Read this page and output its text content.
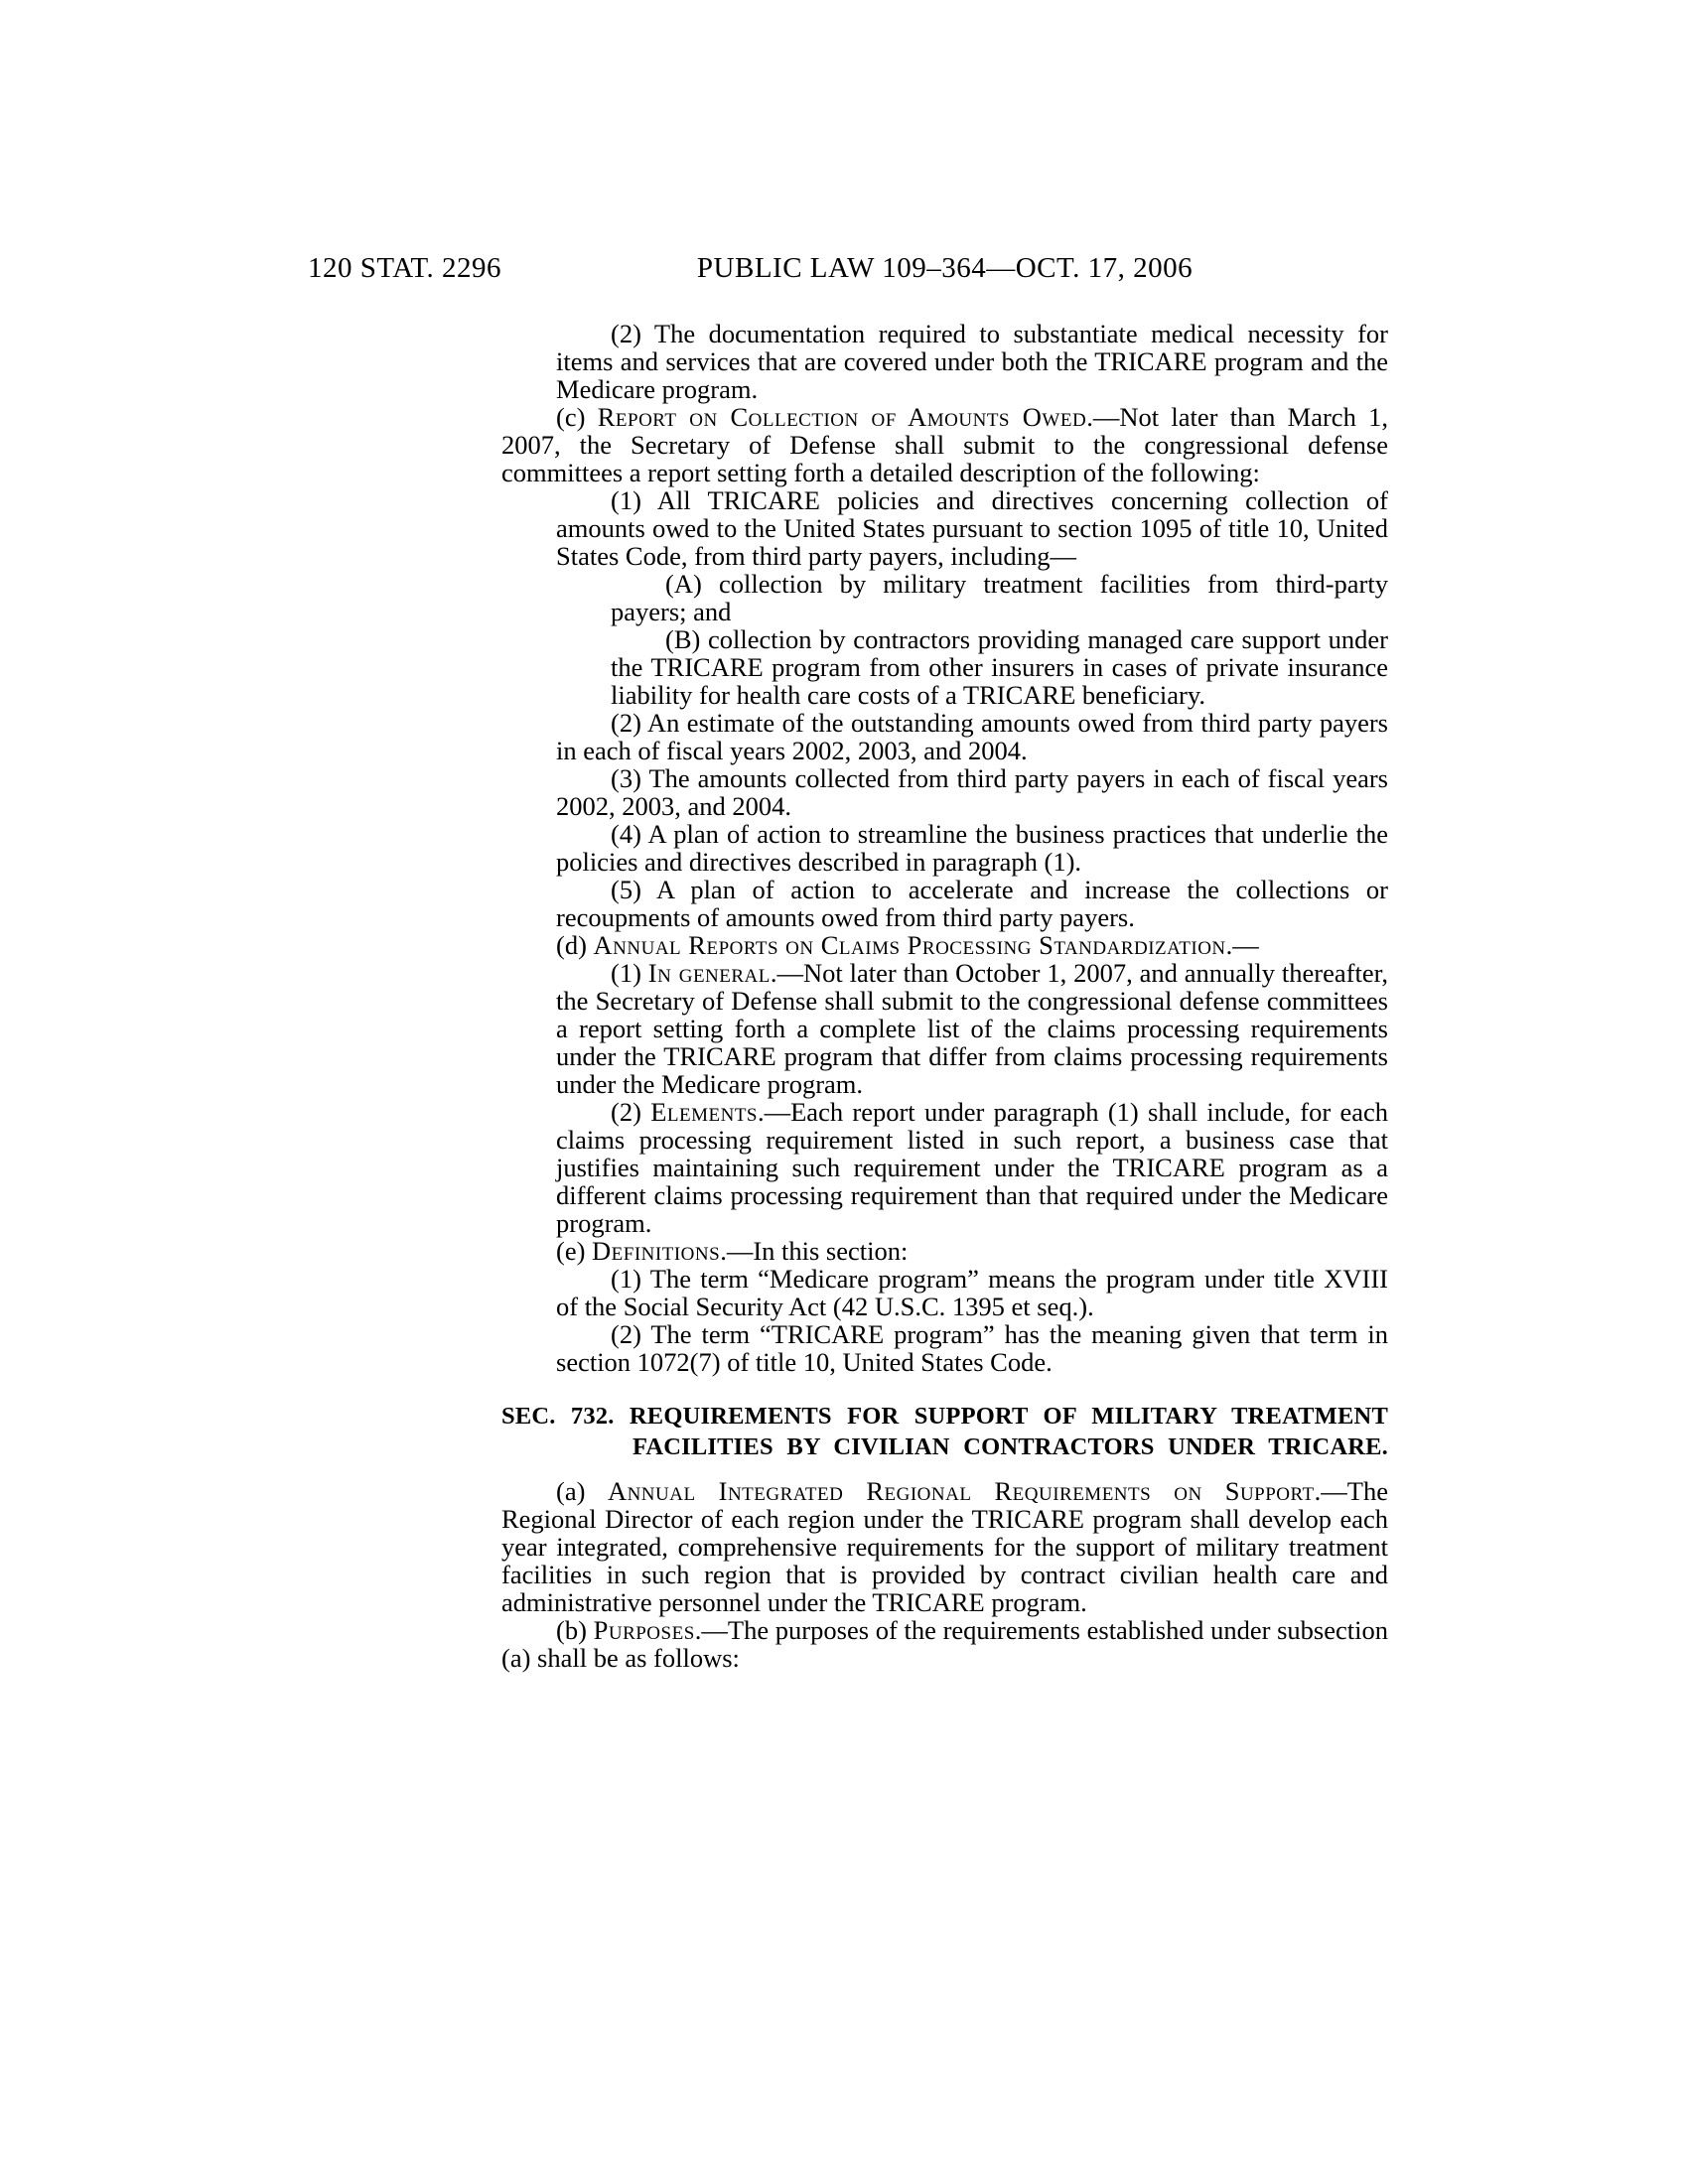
120 STAT. 2296	PUBLIC LAW 109–364—OCT. 17, 2006

(2) The documentation required to substantiate medical necessity for items and services that are covered under both the TRICARE program and the Medicare program.

(c) Report on Collection of Amounts Owed.—Not later than March 1, 2007, the Secretary of Defense shall submit to the congressional defense committees a report setting forth a detailed description of the following:

(1) All TRICARE policies and directives concerning collection of amounts owed to the United States pursuant to section 1095 of title 10, United States Code, from third party payers, including—

(A) collection by military treatment facilities from third-party payers; and

(B) collection by contractors providing managed care support under the TRICARE program from other insurers in cases of private insurance liability for health care costs of a TRICARE beneficiary.

(2) An estimate of the outstanding amounts owed from third party payers in each of fiscal years 2002, 2003, and 2004.

(3) The amounts collected from third party payers in each of fiscal years 2002, 2003, and 2004.

(4) A plan of action to streamline the business practices that underlie the policies and directives described in paragraph (1).

(5) A plan of action to accelerate and increase the collections or recoupments of amounts owed from third party payers.

(d) Annual Reports on Claims Processing Standardization.—

(1) In general.—Not later than October 1, 2007, and annually thereafter, the Secretary of Defense shall submit to the congressional defense committees a report setting forth a complete list of the claims processing requirements under the TRICARE program that differ from claims processing requirements under the Medicare program.

(2) Elements.—Each report under paragraph (1) shall include, for each claims processing requirement listed in such report, a business case that justifies maintaining such requirement under the TRICARE program as a different claims processing requirement than that required under the Medicare program.

(e) Definitions.—In this section:

(1) The term “Medicare program” means the program under title XVIII of the Social Security Act (42 U.S.C. 1395 et seq.).

(2) The term “TRICARE program” has the meaning given that term in section 1072(7) of title 10, United States Code.

SEC. 732. REQUIREMENTS FOR SUPPORT OF MILITARY TREATMENT FACILITIES BY CIVILIAN CONTRACTORS UNDER TRICARE.

(a) Annual Integrated Regional Requirements on Support.—The Regional Director of each region under the TRICARE program shall develop each year integrated, comprehensive requirements for the support of military treatment facilities in such region that is provided by contract civilian health care and administrative personnel under the TRICARE program.

(b) Purposes.—The purposes of the requirements established under subsection (a) shall be as follows:
